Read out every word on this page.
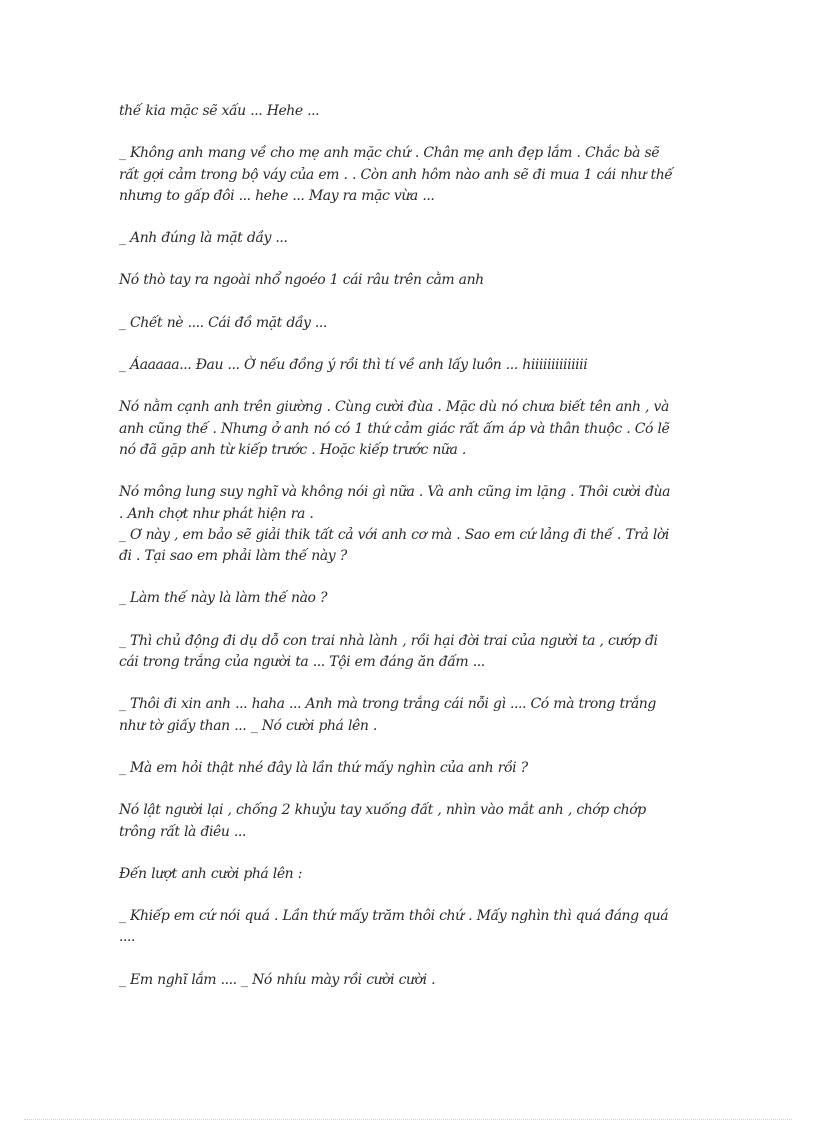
thế kia mặc sẽ xấu ... Hehe ...

_ Không anh mang về cho mẹ anh mặc chứ . Chân mẹ anh đẹp lắm . Chắc bà sẽ
rất gợi cảm trong bộ váy của em . . Còn anh hôm nào anh sẽ đi mua 1 cái như thế
nhưng to gấp đôi ... hehe ... May ra mặc vừa ...

_ Anh đúng là mặt dầy ...

Nó thò tay ra ngoài nhổ ngoéo 1 cái râu trên cằm anh

_ Chết nè .... Cái đồ mặt dầy ...

_ Áaaaaa... Đau ... Ờ nếu đồng ý rồi thì tí về anh lấy luôn ... hiiiiiiiiiiiiii

Nó nằm cạnh anh trên giường . Cùng cười đùa . Mặc dù nó chưa biết tên anh , và
anh cũng thế . Nhưng ở anh nó có 1 thứ cảm giác rất ấm áp và thân thuộc . Có lẽ
nó đã gặp anh từ kiếp trước . Hoặc kiếp trước nữa .

Nó mông lung suy nghĩ và không nói gì nữa . Và anh cũng im lặng . Thôi cười đùa
. Anh chợt như phát hiện ra .
_ Ơ này , em bảo sẽ giải thik tất cả với anh cơ mà . Sao em cứ lảng đi thế . Trả lời
đi . Tại sao em phải làm thế này ?

_ Làm thế này là làm thế nào ?

_ Thì chủ động đi dụ dỗ con trai nhà lành , rồi hại đời trai của người ta , cướp đi
cái trong trắng của người ta ... Tội em đáng ăn đấm ...

_ Thôi đi xin anh ... haha ... Anh mà trong trắng cái nỗi gì .... Có mà trong trắng
như tờ giấy than ... _ Nó cười phá lên .

_ Mà em hỏi thật nhé đây là lần thứ mấy nghìn của anh rồi ?

Nó lật người lại , chống 2 khuỷu tay xuống đất , nhìn vào mắt anh , chớp chớp
trông rất là điêu ...

Đến lượt anh cười phá lên :

_ Khiếp em cứ nói quá . Lần thứ mấy trăm thôi chứ . Mấy nghìn thì quá đáng quá
....

_ Em nghĩ lắm .... _ Nó nhíu mày rồi cười cười .
